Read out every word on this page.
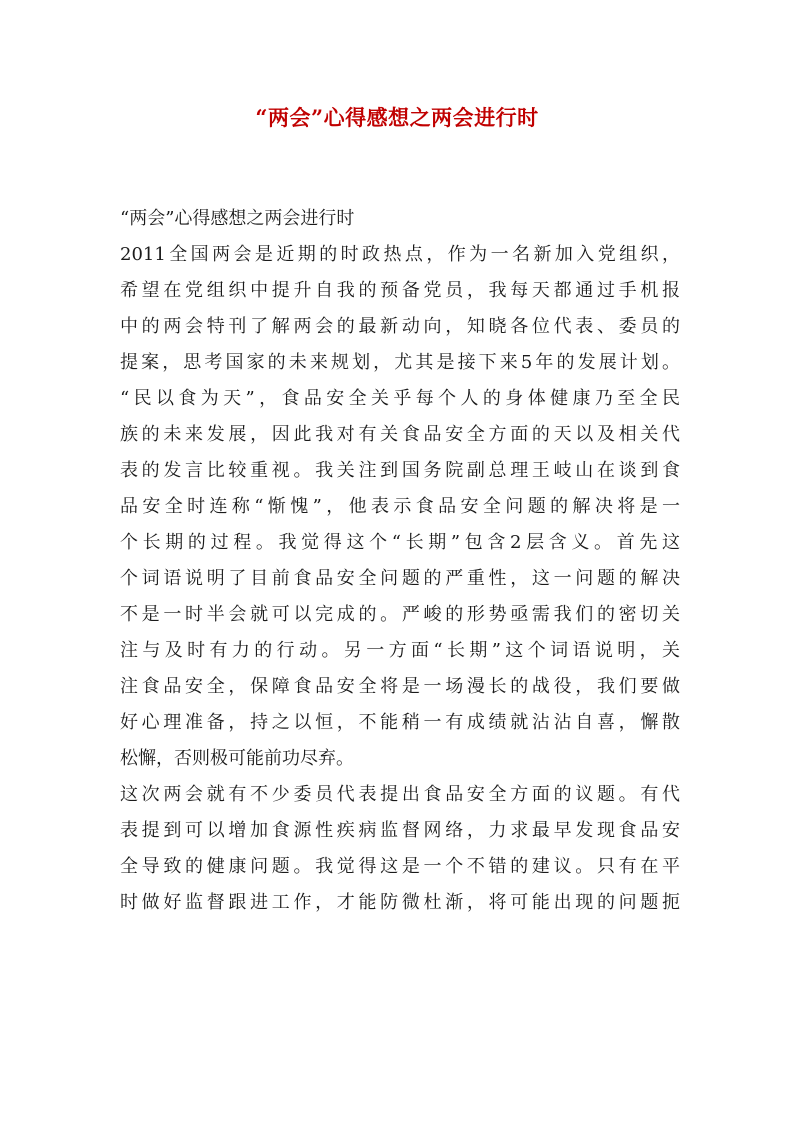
“两会”心得感想之两会进行时
“两会”心得感想之两会进行时
2011全国两会是近期的时政热点，作为一名新加入党组织，
希望在党组织中提升自我的预备党员，我每天都通过手机报
中的两会特刊了解两会的最新动向，知晓各位代表、委员的
提案，思考国家的未来规划，尤其是接下来5年的发展计划。
“民以食为天”，食品安全关乎每个人的身体健康乃至全民
族的未来发展，因此我对有关食品安全方面的天以及相关代
表的发言比较重视。我关注到国务院副总理王岐山在谈到食
品安全时连称“惭愧”，他表示食品安全问题的解决将是一
个长期的过程。我觉得这个“长期”包含2层含义。首先这
个词语说明了目前食品安全问题的严重性，这一问题的解决
不是一时半会就可以完成的。严峻的形势亟需我们的密切关
注与及时有力的行动。另一方面“长期”这个词语说明，关
注食品安全，保障食品安全将是一场漫长的战役，我们要做
好心理准备，持之以恒，不能稍一有成绩就沾沾自喜，懈散
松懈，否则极可能前功尽弃。
这次两会就有不少委员代表提出食品安全方面的议题。有代
表提到可以增加食源性疾病监督网络，力求最早发现食品安
全导致的健康问题。我觉得这是一个不错的建议。只有在平
时做好监督跟进工作，才能防微杜渐，将可能出现的问题扼
